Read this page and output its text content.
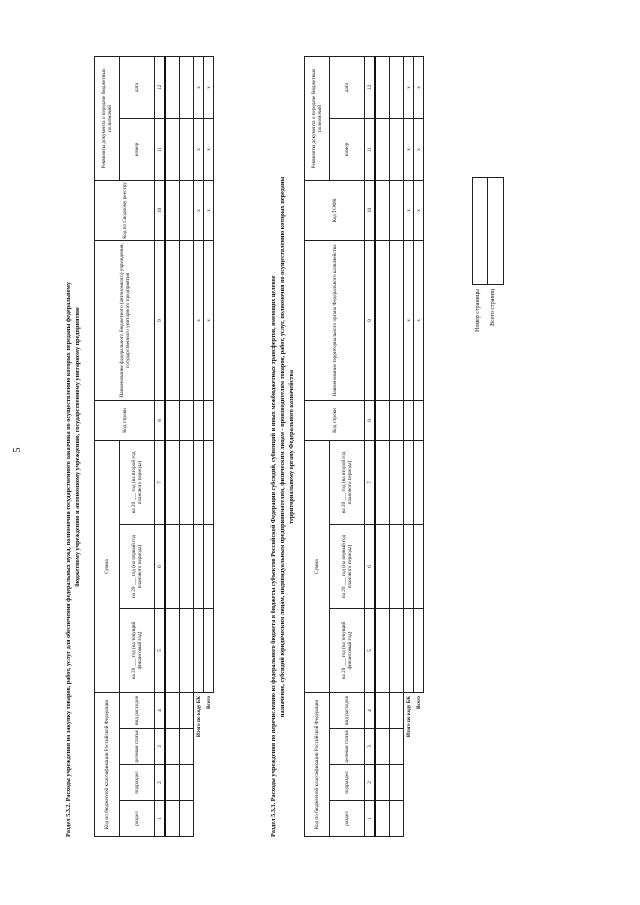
5	Раздел 5.3.2. Расходы учреждения на закупку товаров, работ, услуг для обеспечения федеральных нужд, полномочия государственного заказчика по осуществлению которых переданы федеральному бюджетному учреждению и автономному учреждению, государственному унитарному предприятию
Код по бюджетной классификации Российской Федерации				Сумма			Код строки	Наименование федерального бюджетного (автономного) учреждения, государственного унитарного предприятия	Код по Сводному реестру	Реквизиты документа о передаче бюджетных полномочий	
раздел	подраздел	целевая статья	вид расходов	на 20 ___ год (на текущий финансовый год)	на 20 ___ год (на первый год планового периода)	на 20 ___ год (на второй год планового периода)				номер	дата
1	2	3	4	5	6	7	8	9	10	11	12

Итого по коду БК								x	x	x	x
Всего								x	x	x	x
Раздел 5.3.3. Расходы учреждения по перечислению из федерального бюджета в бюджеты субъектов Российской Федерации субсидий, субвенций и иных межбюджетных трансфертов, имеющих целевое назначение, субсидий юридическим лицам, индивидуальным предпринимателям, физическим лицам - производителям товаров, работ, услуг, полномочия по осуществлению которых переданы территориальному органу Федерального казначейства
Код по бюджетной классификации Российской Федерации				Сумма			Код строки	Наименование территориального органа Федерального казначейства	Код ТОФК	Реквизиты документа о передаче бюджетных полномочий	
раздел	подраздел	целевая статья	вид расходов	на 20 ___ год (на текущий финансовый год)	на 20 ___ год (на первый год планового периода)	на 20 ___ год (на второй год планового периода)				номер	дата
1	2	3	4	5	6	7	8	9	10	11	12

Итого по коду БК								x	x	x	x
Всего								x	x	x	x
Номер страницы Всего страниц
